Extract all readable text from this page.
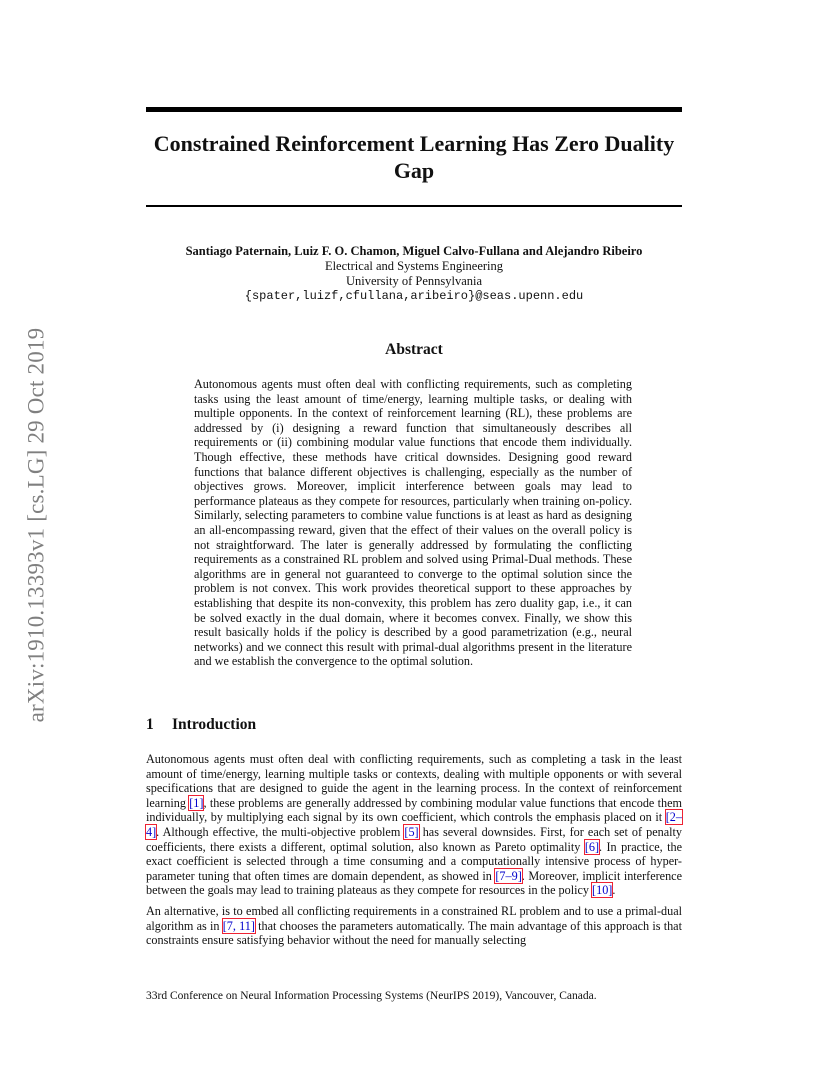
arXiv:1910.13393v1 [cs.LG] 29 Oct 2019
Constrained Reinforcement Learning Has Zero Duality Gap
Santiago Paternain, Luiz F. O. Chamon, Miguel Calvo-Fullana and Alejandro Ribeiro
Electrical and Systems Engineering
University of Pennsylvania
{spater,luizf,cfullana,aribeiro}@seas.upenn.edu
Abstract

Autonomous agents must often deal with conflicting requirements, such as completing tasks using the least amount of time/energy, learning multiple tasks, or dealing with multiple opponents. In the context of reinforcement learning (RL), these problems are addressed by (i) designing a reward function that simultaneously describes all requirements or (ii) combining modular value functions that encode them individually. Though effective, these methods have critical downsides. Designing good reward functions that balance different objectives is challenging, especially as the number of objectives grows. Moreover, implicit interference between goals may lead to performance plateaus as they compete for resources, particularly when training on-policy. Similarly, selecting parameters to combine value functions is at least as hard as designing an all-encompassing reward, given that the effect of their values on the overall policy is not straightforward. The later is generally addressed by formulating the conflicting requirements as a constrained RL problem and solved using Primal-Dual methods. These algorithms are in general not guaranteed to converge to the optimal solution since the problem is not convex. This work provides theoretical support to these approaches by establishing that despite its non-convexity, this problem has zero duality gap, i.e., it can be solved exactly in the dual domain, where it becomes convex. Finally, we show this result basically holds if the policy is described by a good parametrization (e.g., neural networks) and we connect this result with primal-dual algorithms present in the literature and we establish the convergence to the optimal solution.

1 Introduction

Autonomous agents must often deal with conflicting requirements, such as completing a task in the least amount of time/energy, learning multiple tasks or contexts, dealing with multiple opponents or with several specifications that are designed to guide the agent in the learning process. In the context of reinforcement learning [1], these problems are generally addressed by combining modular value functions that encode them individually, by multiplying each signal by its own coefficient, which controls the emphasis placed on it [2–4]. Although effective, the multi-objective problem [5] has several downsides. First, for each set of penalty coefficients, there exists a different, optimal solution, also known as Pareto optimality [6]. In practice, the exact coefficient is selected through a time consuming and a computationally intensive process of hyper-parameter tuning that often times are domain dependent, as showed in [7–9]. Moreover, implicit interference between the goals may lead to training plateaus as they compete for resources in the policy [10].

An alternative, is to embed all conflicting requirements in a constrained RL problem and to use a primal-dual algorithm as in [7, 11] that chooses the parameters automatically. The main advantage of this approach is that constraints ensure satisfying behavior without the need for manually selecting

33rd Conference on Neural Information Processing Systems (NeurIPS 2019), Vancouver, Canada.
